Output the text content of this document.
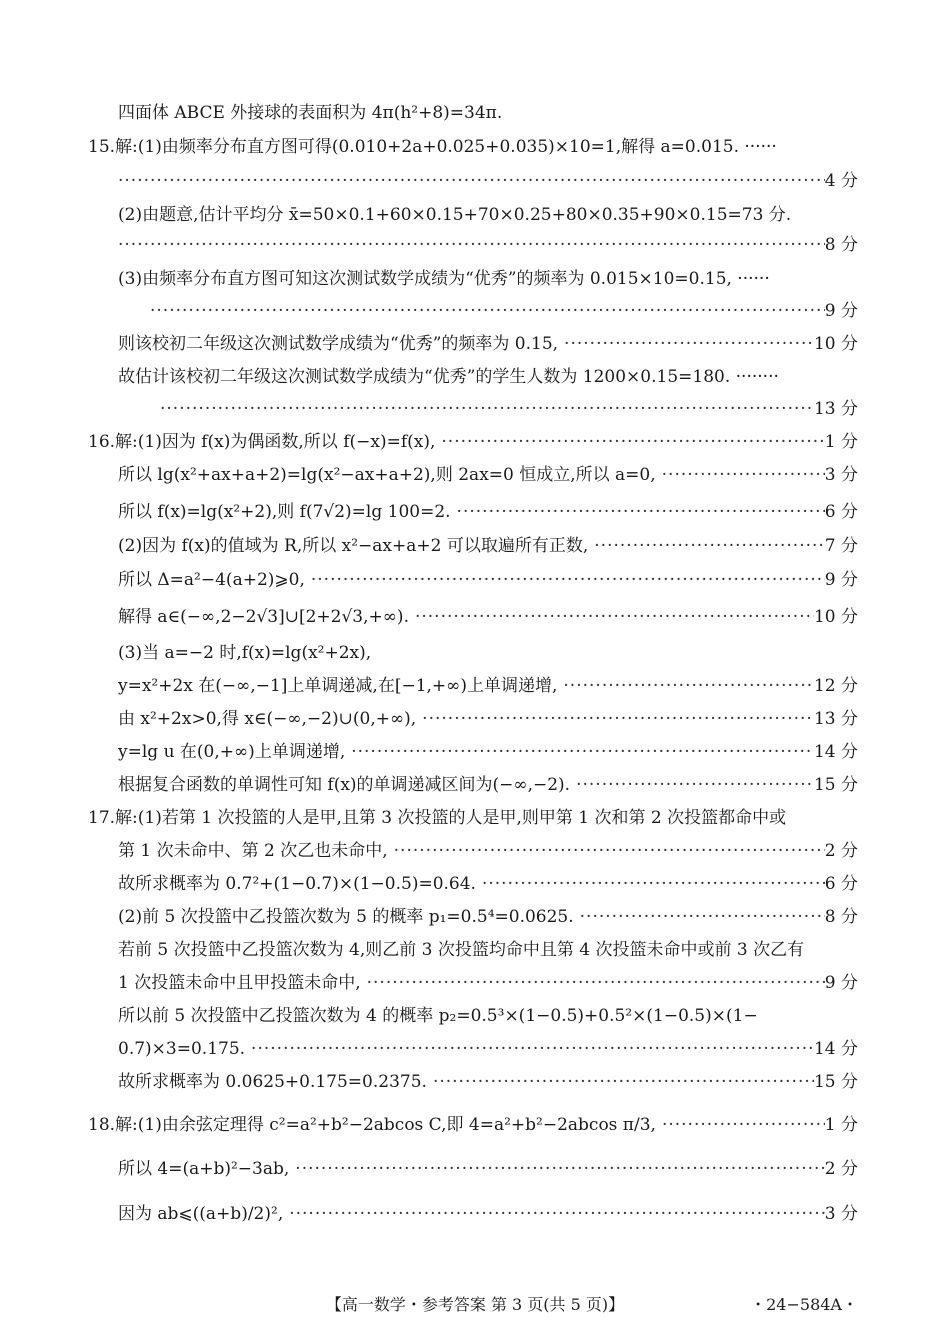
四面体 ABCE 外接球的表面积为 4π(h²+8)=34π.
15.解:(1)由频率分布直方图可得(0.010+2a+0.025+0.035)×10=1,解得 a=0.015. ······
·····
4 分
(2)由题意,估计平均分 x̄=50×0.1+60×0.15+70×0.25+80×0.35+90×0.15=73 分.
·····
8 分
(3)由频率分布直方图可知这次测试数学成绩为“优秀”的频率为 0.015×10=0.15, ······
·····
9 分
则该校初二年级这次测试数学成绩为“优秀”的频率为 0.15, ·····	10 分
故估计该校初二年级这次测试数学成绩为“优秀”的学生人数为 1200×0.15=180. ········
·····
13 分
16.解:(1)因为 f(x)为偶函数,所以 f(−x)=f(x), ·····	1 分
所以 lg(x²+ax+a+2)=lg(x²−ax+a+2),则 2ax=0 恒成立,所以 a=0, ·····	3 分
所以 f(x)=lg(x²+2),则 f(7√2)=lg 100=2. ·····	6 分
(2)因为 f(x)的值域为 R,所以 x²−ax+a+2 可以取遍所有正数, ·····	7 分
所以 Δ=a²−4(a+2)⩾0, ·····	9 分
解得 a∈(−∞,2−2√3]∪[2+2√3,+∞). ·····	10 分
(3)当 a=−2 时,f(x)=lg(x²+2x),
y=x²+2x 在(−∞,−1]上单调递减,在[−1,+∞)上单调递增, ·····	12 分
由 x²+2x>0,得 x∈(−∞,−2)∪(0,+∞), ·····	13 分
y=lg u 在(0,+∞)上单调递增, ·····	14 分
根据复合函数的单调性可知 f(x)的单调递减区间为(−∞,−2). ·····	15 分
17.解:(1)若第 1 次投篮的人是甲,且第 3 次投篮的人是甲,则甲第 1 次和第 2 次投篮都命中或
第 1 次未命中、第 2 次乙也未命中, ·····	2 分
故所求概率为 0.7²+(1−0.7)×(1−0.5)=0.64. ·····	6 分
(2)前 5 次投篮中乙投篮次数为 5 的概率 p₁=0.5⁴=0.0625. ·····	8 分
若前 5 次投篮中乙投篮次数为 4,则乙前 3 次投篮均命中且第 4 次投篮未命中或前 3 次乙有
1 次投篮未命中且甲投篮未命中, ·····	9 分
所以前 5 次投篮中乙投篮次数为 4 的概率 p₂=0.5³×(1−0.5)+0.5²×(1−0.5)×(1−
0.7)×3=0.175. ·····	14 分
故所求概率为 0.0625+0.175=0.2375. ·····	15 分
18.解:(1)由余弦定理得 c²=a²+b²−2abcos C,即 4=a²+b²−2abcos π/3, ·····	1 分
所以 4=(a+b)²−3ab, ·····	2 分
因为 ab⩽((a+b)/2)², ·····	3 分
【高一数学・参考答案 第 3 页(共 5 页)】	・24−584A・
